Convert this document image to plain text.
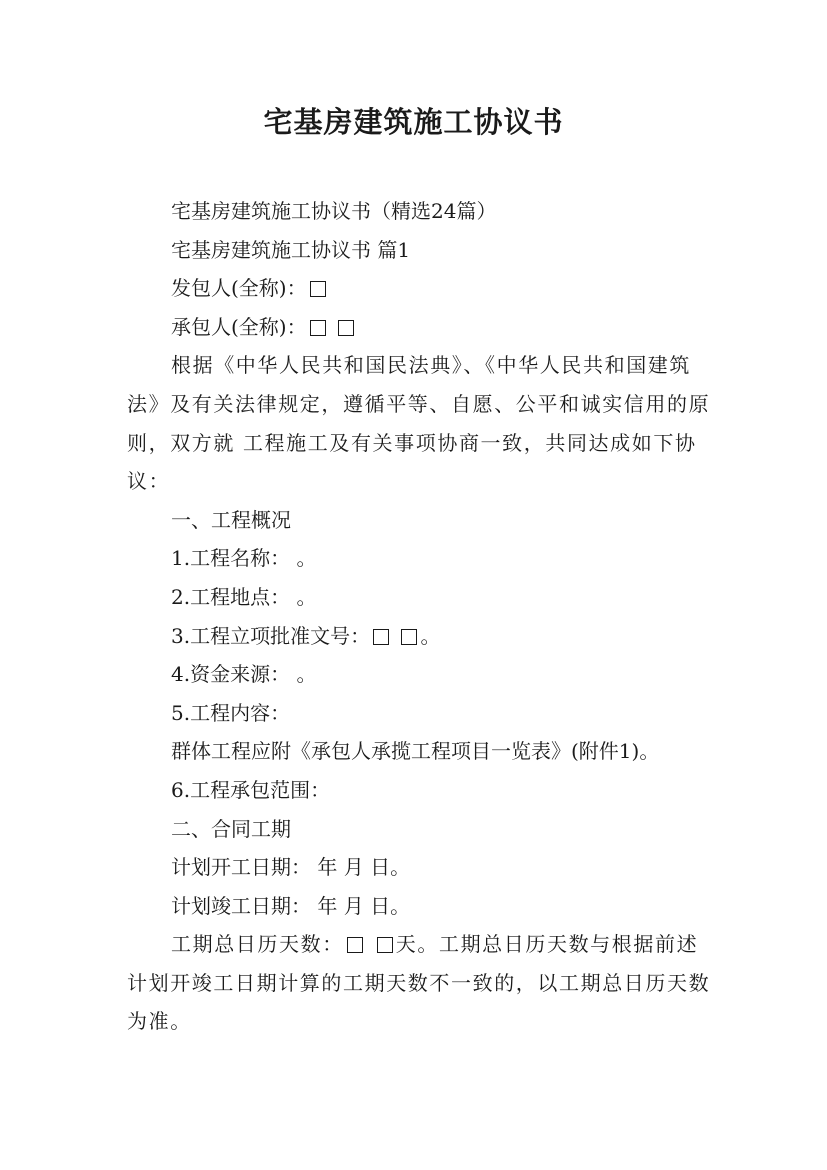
宅基房建筑施工协议书

宅基房建筑施工协议书（精选24篇）

宅基房建筑施工协议书 篇1

发包人(全称)：

承包人(全称)：

根据《中华人民共和国民法典》、《中华人民共和国建筑法》及有关法律规定，遵循平等、自愿、公平和诚实信用的原则，双方就 工程施工及有关事项协商一致，共同达成如下协议：

一、工程概况

1.工程名称： 。

2.工程地点： 。

3.工程立项批准文号：	。

4.资金来源： 。

5.工程内容：

群体工程应附《承包人承揽工程项目一览表》(附件1)。

6.工程承包范围：

二、合同工期

计划开工日期： 年 月 日。

计划竣工日期： 年 月 日。

工期总日历天数：	天。工期总日历天数与根据前述计划开竣工日期计算的工期天数不一致的，以工期总日历天数为准。
